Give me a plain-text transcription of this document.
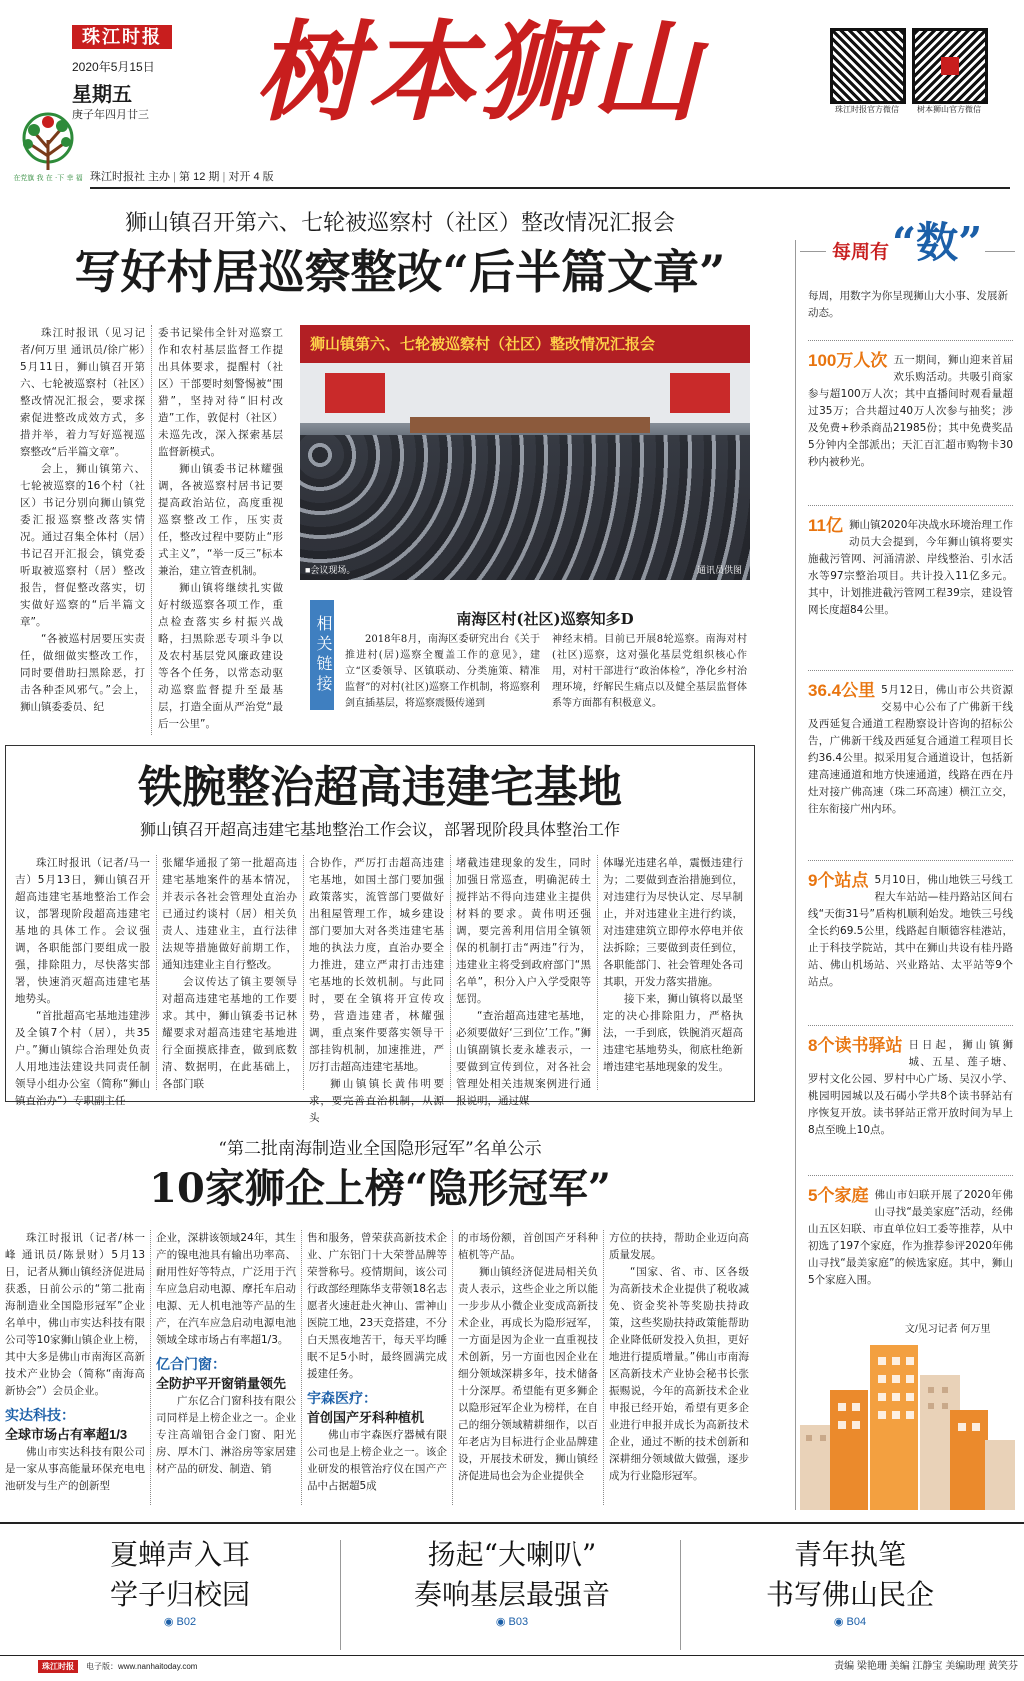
珠江时报
2020年5月15日
星期五
庚子年四月廿三
在党旗 我 在 ·下 幸 福
树本狮山	珠江时报官方微信	树本狮山官方微信
珠江时报社 主办 | 第 12 期 | 对开 4 版
狮山镇召开第六、七轮被巡察村（社区）整改情况汇报会
写好村居巡察整改“后半篇文章”

珠江时报讯（见习记者/何万里 通讯员/徐广彬）5月11日，狮山镇召开第六、七轮被巡察村（社区）整改情况汇报会，要求探索促进整改成效方式，多措并举，着力写好巡视巡察整改“后半篇文章”。

会上，狮山镇第六、七轮被巡察的16个村（社区）书记分别向狮山镇党委汇报巡察整改落实情况。通过召集全体村（居）书记召开汇报会，镇党委听取被巡察村（居）整改报告，督促整改落实，切实做好巡察的“后半篇文章”。

“各被巡村居要压实责任，做细做实整改工作，同时要借助扫黑除恶，打击各种歪风邪气。”会上，狮山镇委委员、纪

委书记梁伟全针对巡察工作和农村基层监督工作提出具体要求，提醒村（社区）干部要时刻警惕被“围猎”，坚持对待“旧村改造”工作，敦促村（社区）未巡先改，深入探索基层监督新模式。

狮山镇委书记林耀强调，各被巡察村居书记要提高政治站位，高度重视巡察整改工作，压实责任，整改过程中要防止“形式主义”，“举一反三”标本兼治，建立管查机制。

狮山镇将继续扎实做好村级巡察各项工作，重点检查落实乡村振兴战略，扫黑除恶专项斗争以及农村基层党风廉政建设等各个任务，以常态动驱动巡察监督提升至最基层，打造全面从严治党“最后一公里”。

狮山镇第六、七轮被巡察村（社区）整改情况汇报会
■会议现场。	通讯员供图
相关链接	南海区村(社区)巡察知多D

2018年8月，南海区委研究出台《关于推进村(居)巡察全覆盖工作的意见》，建立“区委领导、区镇联动、分类施策、精准监督”的对村(社区)巡察工作机制，将巡察利剑直插基层，将巡察震慑传递到

神经末梢。目前已开展8轮巡察。南海对村(社区)巡察，这对强化基层党组织核心作用，对村干部进行“政治体检”，净化乡村治理环境，纾解民生痛点以及健全基层监督体系等方面都有积极意义。

铁腕整治超高违建宅基地
狮山镇召开超高违建宅基地整治工作会议，部署现阶段具体整治工作

珠江时报讯（记者/马一吉）5月13日，狮山镇召开超高违建宅基地整治工作会议，部署现阶段超高违建宅基地的具体工作。会议强调，各职能部门要组成一股强，排除阻力，尽快落实部署，快速消灭超高违建宅基地势头。

“首批超高宅基地违建涉及全镇7个村（居），共35户。”狮山镇综合治理处负责人用地违法建设共同责任制领导小组办公室（简称“狮山镇直治办”）专职副主任

张耀华通报了第一批超高违建宅基地案件的基本情况，并表示各社会管理处直治办已通过约谈村（居）相关负责人、违建业主，直行法律法规等措施做好前期工作，通知违建业主自行整改。

会议传达了镇主要领导对超高违建宅基地的工作要求。其中，狮山镇委书记林耀要求对超高违建宅基地进行全面摸底排查，做到底数清、数据明，在此基础上，各部门联

合协作，严厉打击超高违建宅基地，如国土部门要加强政策落实，流管部门要做好出租屋管理工作，城乡建设部门要加大对各类违建宅基地的执法力度，直治办要全力推进，建立严肃打击违建宅基地的长效机制。与此同时，要在全镇将开宣传攻势，营造违建者，林耀强调，重点案件要落实领导干部挂钩机制，加速推进，严厉打击超高违建宅基地。

狮山镇镇长黄伟明要求，要完善直治机制，从源头

堵截违建现象的发生，同时加强日常巡查，明确泥砖土搅拌站不得向违建业主提供材料的要求。黄伟明还强调，要完善利用信用全镇领保的机制打击“两违”行为，违建业主将受到政府部门“黑名单”，积分入户入学受限等惩罚。

“查治超高违建宅基地，必须要做好‘三到位’工作。”狮山镇副镇长麦永雄表示，一要做到宣传到位，对各社会管理处相关违规案例进行通报说明，通过媒

体曝光违建名单，震慑违建行为；二要做到查治措施到位，对违建行为尽快认定、尽早制止，并对违建业主进行约谈，对违建建筑立即停水停电并依法拆除；三要做到责任到位，各职能部门、社会管理处各司其职，开发力落实措施。

接下来，狮山镇将以最坚定的决心排除阻力，严格执法，一手到底，铁腕消灭超高违建宅基地势头，彻底杜绝新增违建宅基地现象的发生。

“第二批南海制造业全国隐形冠军”名单公示
10家狮企上榜“隐形冠军”

珠江时报讯（记者/林一峰 通讯员/陈景财）5月13日，记者从狮山镇经济促进局获悉，日前公示的“第二批南海制造业全国隐形冠军”企业名单中，佛山市实达科技有限公司等10家狮山镇企业上榜，其中大多是佛山市南海区高新技术产业协会（简称“南海高新协会”）会员企业。

实达科技：
全球市场占有率超1/3

佛山市实达科技有限公司是一家从事高能量环保充电电池研发与生产的创新型

企业，深耕该领域24年，其生产的镍电池具有输出功率高、耐用性好等特点，广泛用于汽车应急启动电源、摩托车启动电源、无人机电池等产品的生产，在汽车应急启动电源电池领域全球市场占有率超1/3。

亿合门窗：
全防护平开窗销量领先

广东亿合门窗科技有限公司同样是上榜企业之一。企业专注高端铝合金门窗、阳光房、厚木门、淋浴房等家居建材产品的研发、制造、销

售和服务，曾荣获高新技术企业、广东铝门十大荣誉品牌等荣誉称号。疫情期间，该公司行政部经理陈华支带领18名志愿者火速赶赴火神山、雷神山医院工地，23天竞搭建，不分白天黑夜地苦干，每天平均睡眠不足5小时，最终圆满完成援建任务。

宇森医疗：
首创国产牙科种植机

佛山市宇森医疗器械有限公司也是上榜企业之一。该企业研发的根管治疗仪在国产产品中占据超5成

的市场份额，首创国产牙科种植机等产品。

狮山镇经济促进局相关负责人表示，这些企业之所以能一步步从小微企业变成高新技术企业，再成长为隐形冠军，一方面是因为企业一直重视技术创新，另一方面也因企业在细分领域深耕多年，技术储备十分深厚。希望能有更多狮企以隐形冠军企业为榜样，在自己的细分领域精耕细作，以百年老店为目标进行企业品牌建设，开展技术研发，狮山镇经济促进局也会为企业提供全

方位的扶持，帮助企业迈向高质量发展。

“国家、省、市、区各级为高新技术企业提供了税收减免、资金奖补等奖励扶持政策，这些奖励扶持政策能帮助企业降低研发投入负担，更好地进行提质增量。”佛山市南海区高新技术产业协会秘书长张振赐说，今年的高新技术企业申报已经开始，希望有更多企业进行申报并成长为高新技术企业，通过不断的技术创新和深耕细分领域做大做强，逐步成为行业隐形冠军。

每周有 “数”
每周，用数字为你呈现狮山大小事、发展新动态。
100万人次 五一期间，狮山迎来首届欢乐购活动。共吸引商家参与超100万人次；其中直播间时观看量超过35万；合共超过40万人次参与抽奖；涉及免费+秒杀商品21985份；其中免费奖品5分钟内全部派出；天汇百汇超市购物卡30秒内被秒光。
11亿 狮山镇2020年决战水环境治理工作动员大会提到，今年狮山镇将要实施截污管网、河涌清淤、岸线整治、引水活水等97宗整治项目。共计投入11亿多元。其中，计划推进截污管网工程39宗，建设管网长度超84公里。
36.4公里 5月12日，佛山市公共资源交易中心公布了广佛新干线及西延复合通道工程勘察设计咨询的招标公告，广佛新干线及西延复合通道工程项目长约36.4公里。拟采用复合通道设计，包括新建高速通道和地方快速通道，线路在西在丹灶对接广佛高速（珠二环高速）横江立交，往东衔接广州内环。
9个站点 5月10日，佛山地铁三号线工程大车站站—桂丹路站区间右线“天街31号”盾构机顺利始发。地铁三号线全长约69.5公里，线路起自顺德容桂港站，止于科技学院站，其中在狮山共设有桂丹路站、佛山机场站、兴业路站、太平站等9个站点。
8个读书驿站 日日起，狮山镇狮城、五星、莲子塘、罗村文化公园、罗村中心广场、吴汉小学、桃园明园城以及石碣小学共8个读书驿站有序恢复开放。读书驿站正常开放时间为早上8点至晚上10点。
5个家庭 佛山市妇联开展了2020年佛山寻找“最美家庭”活动，经佛山五区妇联、市直单位妇工委等推荐，从中初选了197个家庭，作为推荐参评2020年佛山寻找“最美家庭”的候选家庭。其中，狮山5个家庭入围。
文/见习记者 何万里
夏蝉声入耳
学子归校园
◉ B02
扬起“大喇叭”
奏响基层最强音
◉ B03
青年执笔
书写佛山民企
◉ B04
珠江时报	电子版：www.nanhaitoday.com	责编 梁艳珊 美编 江静宝 美编助理 黄笑芬
